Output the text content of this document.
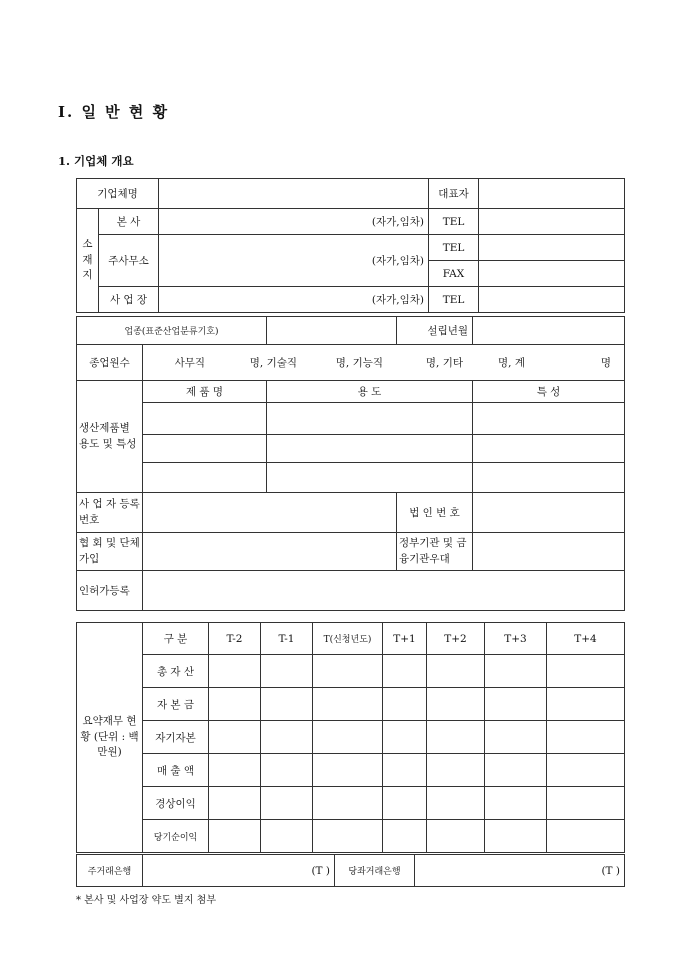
Ⅰ. 일 반 현 황
1. 기업체 개요
기업체명			대표자	
소재지	본 사	(자가,임차)	TEL	
	주사무소	(자가,임차)	TEL	
			FAX	
	사 업 장	(자가,임차)	TEL	
업종(표준산업분류기호)			설립년월	
종업원수	사무직 명, 기술직 명, 기능직 명, 기타 명, 계 명			
생산제품별 용도 및 특성	제 품 명	용 도		특 성

사 업 자 등록번호			법 인 번 호	
협 회 및 단체가입			정부기관 및 금융기관우대	
인허가등록				
요약재무 현 황 (단위 : 백만원)	구 분	T-2	T-1	T(신청년도)	T+1	T+2	T+3	T+4
	총 자 산							
	자 본 금							
	자기자본							
	매 출 액							
	경상이익							
	당기순이익							
주거래은행	(T )	당좌거래은행	(T )
* 본사 및 사업장 약도 별지 첨부
